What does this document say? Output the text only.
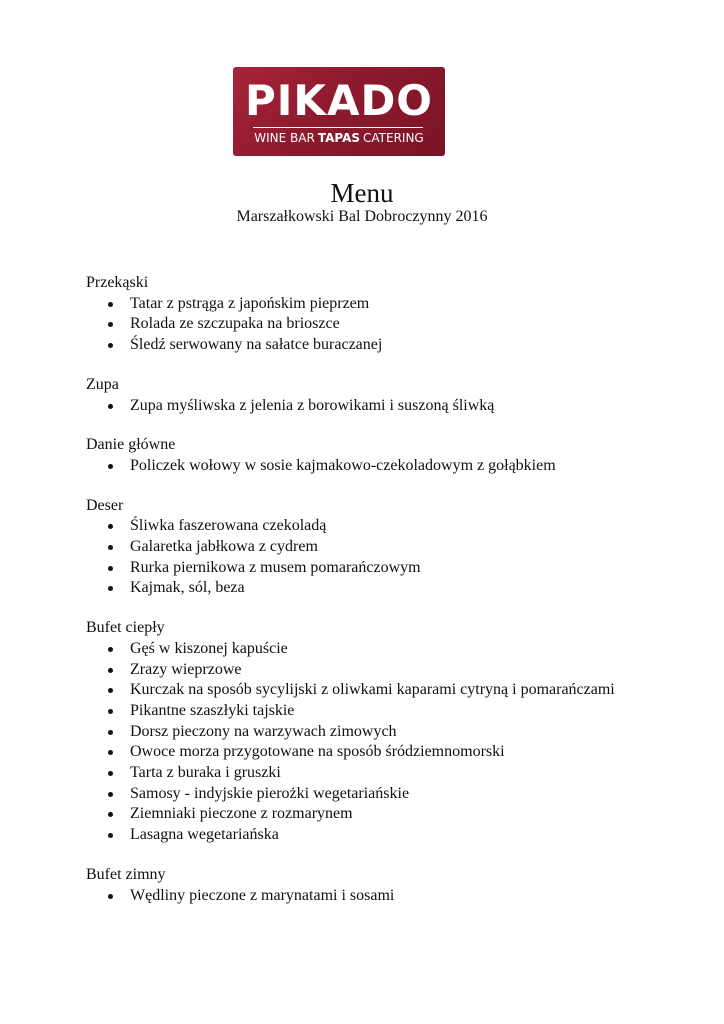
PIKADO
WINE BAR TAPAS CATERING
Menu
Marszałkowski Bal Dobroczynny 2016

Przekąski

Tatar z pstrąga z japońskim pieprzem
Rolada ze szczupaka na brioszce
Śledź serwowany na sałatce buraczanej

Zupa

Zupa myśliwska z jelenia z borowikami i suszoną śliwką

Danie główne

Policzek wołowy w sosie kajmakowo-czekoladowym z gołąbkiem

Deser

Śliwka faszerowana czekoladą
Galaretka jabłkowa z cydrem
Rurka piernikowa z musem pomarańczowym
Kajmak, sól, beza

Bufet ciepły

Gęś w kiszonej kapuście
Zrazy wieprzowe
Kurczak na sposób sycylijski z oliwkami kaparami cytryną i pomarańczami
Pikantne szaszłyki tajskie
Dorsz pieczony na warzywach zimowych
Owoce morza przygotowane na sposób śródziemnomorski
Tarta z buraka i gruszki
Samosy - indyjskie pierożki wegetariańskie
Ziemniaki pieczone z rozmarynem
Lasagna wegetariańska

Bufet zimny

Wędliny pieczone z marynatami i sosami
